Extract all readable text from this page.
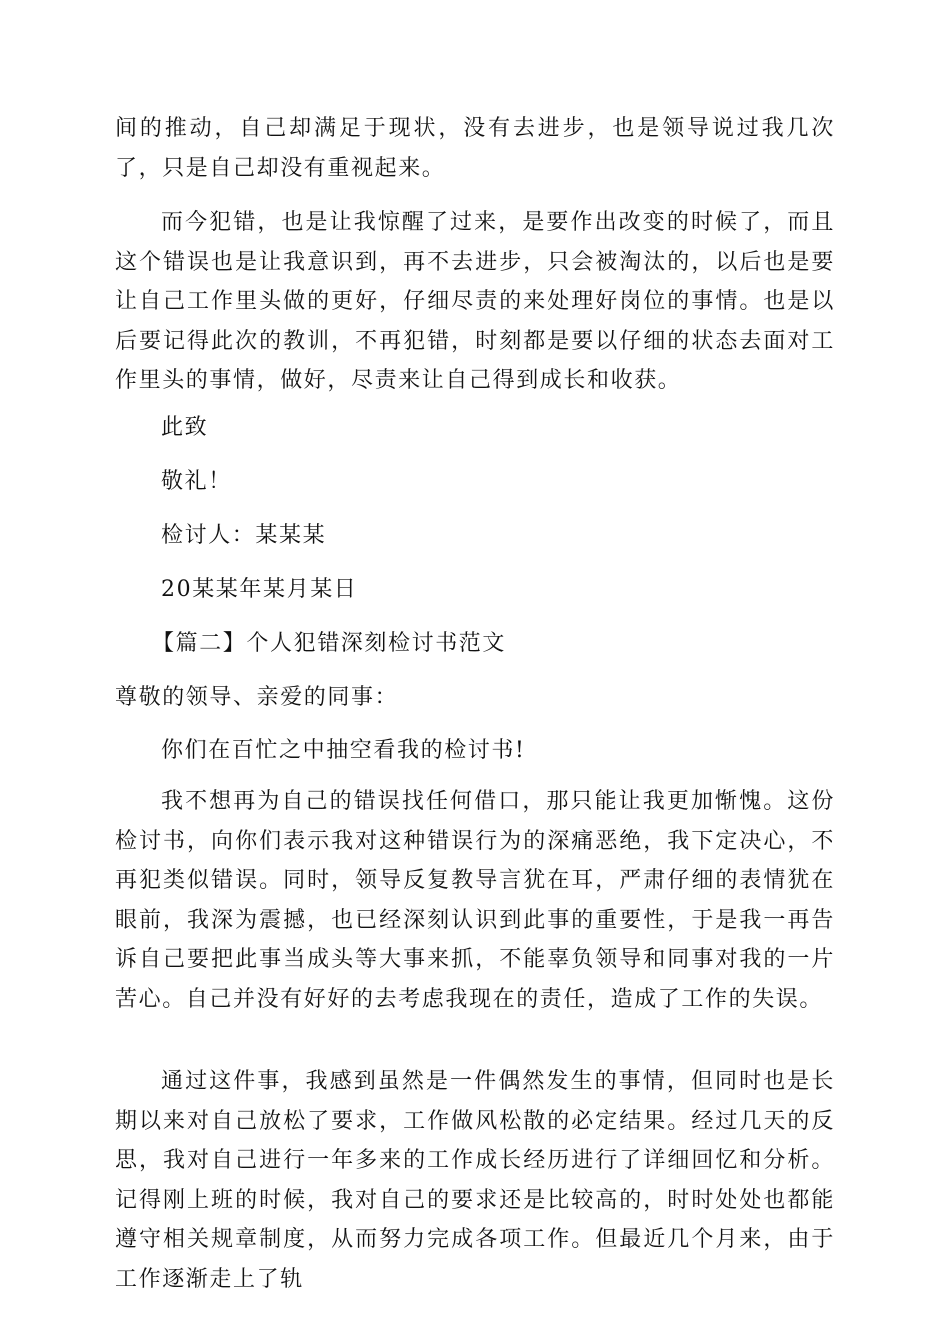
间的推动，自己却满足于现状，没有去进步，也是领导说过我几次了，只是自己却没有重视起来。

而今犯错，也是让我惊醒了过来，是要作出改变的时候了，而且这个错误也是让我意识到，再不去进步，只会被淘汰的，以后也是要让自己工作里头做的更好，仔细尽责的来处理好岗位的事情。也是以后要记得此次的教训，不再犯错，时刻都是要以仔细的状态去面对工作里头的事情，做好，尽责来让自己得到成长和收获。

此致

敬礼！

检讨人：某某某

20某某年某月某日

【篇二】个人犯错深刻检讨书范文

尊敬的领导、亲爱的同事：

你们在百忙之中抽空看我的检讨书!

我不想再为自己的错误找任何借口，那只能让我更加惭愧。这份检讨书，向你们表示我对这种错误行为的深痛恶绝，我下定决心，不再犯类似错误。同时，领导反复教导言犹在耳，严肃仔细的表情犹在眼前，我深为震撼，也已经深刻认识到此事的重要性，于是我一再告诉自己要把此事当成头等大事来抓，不能辜负领导和同事对我的一片苦心。自己并没有好好的去考虑我现在的责任，造成了工作的失误。

通过这件事，我感到虽然是一件偶然发生的事情，但同时也是长期以来对自己放松了要求，工作做风松散的必定结果。经过几天的反思，我对自己进行一年多来的工作成长经历进行了详细回忆和分析。记得刚上班的时候，我对自己的要求还是比较高的，时时处处也都能遵守相关规章制度，从而努力完成各项工作。但最近几个月来，由于工作逐渐走上了轨
